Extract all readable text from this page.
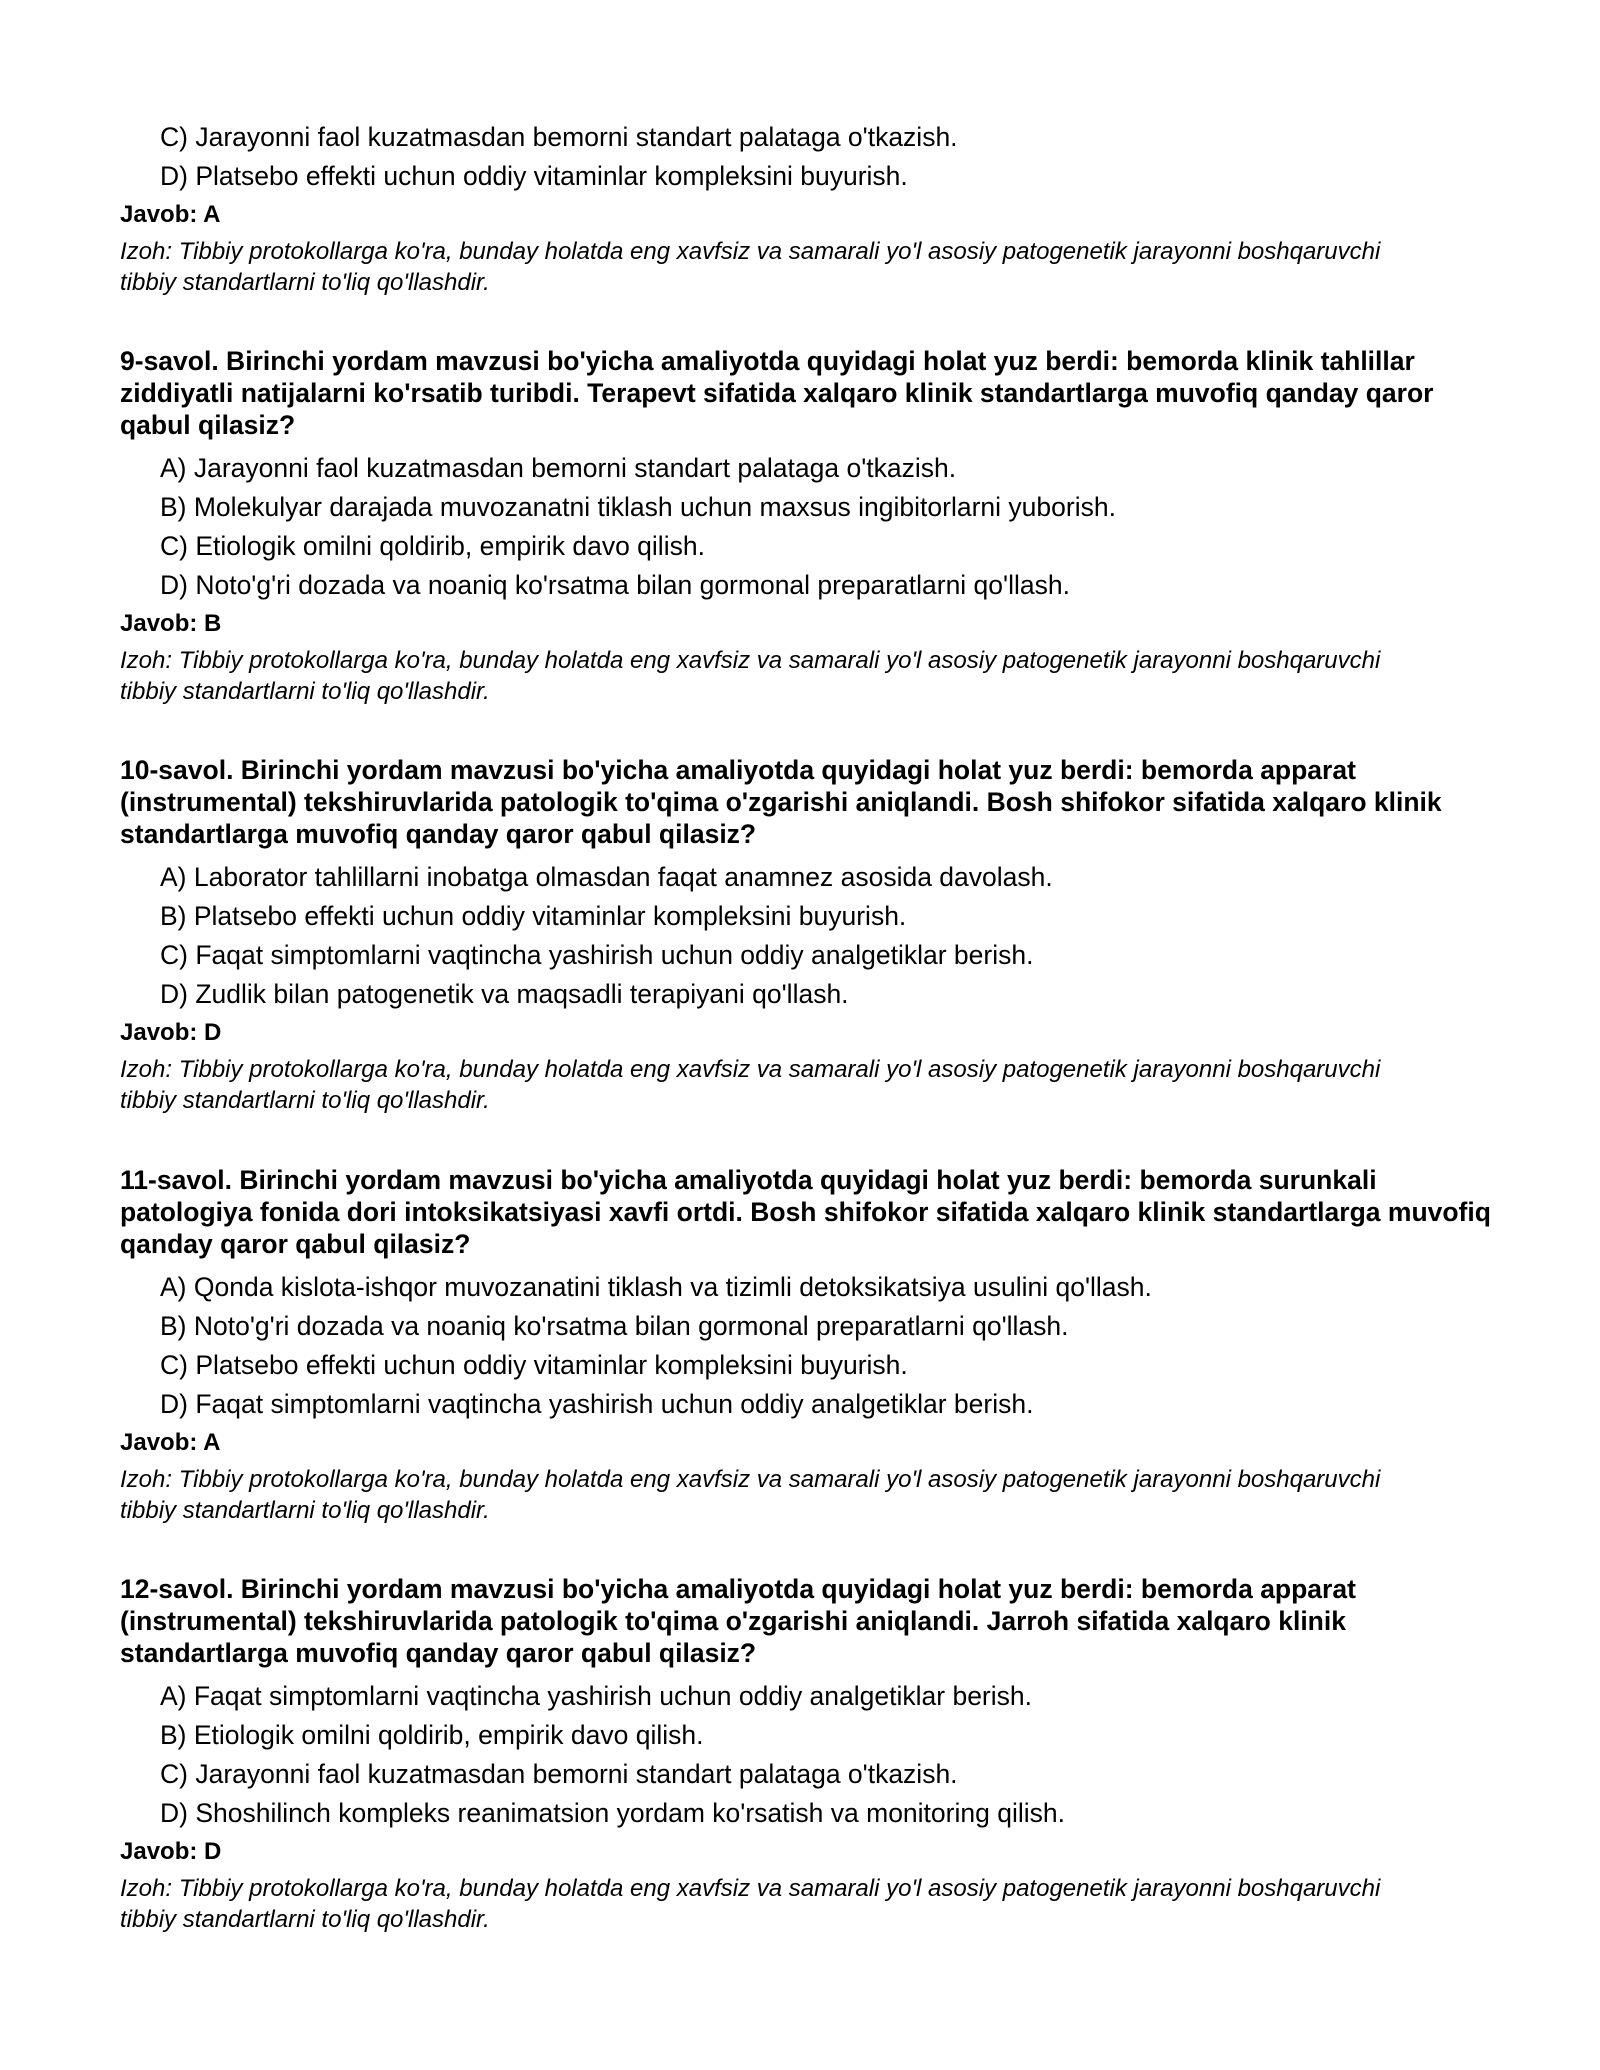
C) Jarayonni faol kuzatmasdan bemorni standart palataga o'tkazish.
D) Platsebo effekti uchun oddiy vitaminlar kompleksini buyurish.
Javob: A
Izoh: Tibbiy protokollarga ko'ra, bunday holatda eng xavfsiz va samarali yo'l asosiy patogenetik jarayonni boshqaruvchi tibbiy standartlarni to'liq qo'llashdir.
9-savol. Birinchi yordam mavzusi bo'yicha amaliyotda quyidagi holat yuz berdi: bemorda klinik tahlillar ziddiyatli natijalarni ko'rsatib turibdi. Terapevt sifatida xalqaro klinik standartlarga muvofiq qanday qaror qabul qilasiz?
A) Jarayonni faol kuzatmasdan bemorni standart palataga o'tkazish.
B) Molekulyar darajada muvozanatni tiklash uchun maxsus ingibitorlarni yuborish.
C) Etiologik omilni qoldirib, empirik davo qilish.
D) Noto'g'ri dozada va noaniq ko'rsatma bilan gormonal preparatlarni qo'llash.
Javob: B
Izoh: Tibbiy protokollarga ko'ra, bunday holatda eng xavfsiz va samarali yo'l asosiy patogenetik jarayonni boshqaruvchi tibbiy standartlarni to'liq qo'llashdir.
10-savol. Birinchi yordam mavzusi bo'yicha amaliyotda quyidagi holat yuz berdi: bemorda apparat (instrumental) tekshiruvlarida patologik to'qima o'zgarishi aniqlandi. Bosh shifokor sifatida xalqaro klinik standartlarga muvofiq qanday qaror qabul qilasiz?
A) Laborator tahlillarni inobatga olmasdan faqat anamnez asosida davolash.
B) Platsebo effekti uchun oddiy vitaminlar kompleksini buyurish.
C) Faqat simptomlarni vaqtincha yashirish uchun oddiy analgetiklar berish.
D) Zudlik bilan patogenetik va maqsadli terapiyani qo'llash.
Javob: D
Izoh: Tibbiy protokollarga ko'ra, bunday holatda eng xavfsiz va samarali yo'l asosiy patogenetik jarayonni boshqaruvchi tibbiy standartlarni to'liq qo'llashdir.
11-savol. Birinchi yordam mavzusi bo'yicha amaliyotda quyidagi holat yuz berdi: bemorda surunkali patologiya fonida dori intoksikatsiyasi xavfi ortdi. Bosh shifokor sifatida xalqaro klinik standartlarga muvofiq qanday qaror qabul qilasiz?
A) Qonda kislota-ishqor muvozanatini tiklash va tizimli detoksikatsiya usulini qo'llash.
B) Noto'g'ri dozada va noaniq ko'rsatma bilan gormonal preparatlarni qo'llash.
C) Platsebo effekti uchun oddiy vitaminlar kompleksini buyurish.
D) Faqat simptomlarni vaqtincha yashirish uchun oddiy analgetiklar berish.
Javob: A
Izoh: Tibbiy protokollarga ko'ra, bunday holatda eng xavfsiz va samarali yo'l asosiy patogenetik jarayonni boshqaruvchi tibbiy standartlarni to'liq qo'llashdir.
12-savol. Birinchi yordam mavzusi bo'yicha amaliyotda quyidagi holat yuz berdi: bemorda apparat (instrumental) tekshiruvlarida patologik to'qima o'zgarishi aniqlandi. Jarroh sifatida xalqaro klinik standartlarga muvofiq qanday qaror qabul qilasiz?
A) Faqat simptomlarni vaqtincha yashirish uchun oddiy analgetiklar berish.
B) Etiologik omilni qoldirib, empirik davo qilish.
C) Jarayonni faol kuzatmasdan bemorni standart palataga o'tkazish.
D) Shoshilinch kompleks reanimatsion yordam ko'rsatish va monitoring qilish.
Javob: D
Izoh: Tibbiy protokollarga ko'ra, bunday holatda eng xavfsiz va samarali yo'l asosiy patogenetik jarayonni boshqaruvchi tibbiy standartlarni to'liq qo'llashdir.
